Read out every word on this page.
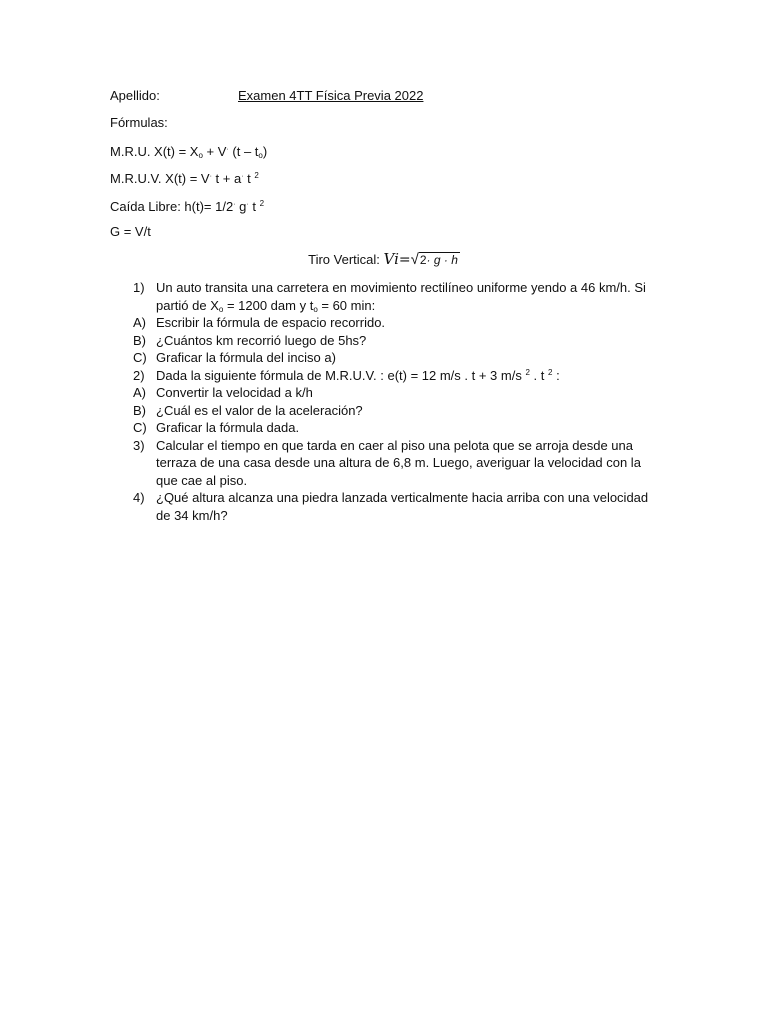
Apellido:	Examen 4TT Física Previa 2022
Fórmulas:
M.R.U. $X(t) = X_o + V^\cdot$ $(t - t_o)$
M.R.U.V. X(t) = V· t + a· t $^2$
Caída Libre: h(t)= 1/2· g· t $^2$
G = V/t
Tiro Vertical: Vi=√2· g · h
1) Un auto transita una carretera en movimiento rectilíneo uniforme yendo a 46 km/h. Si partió de $X_o = 1200$ dam y $t_o = 60$ min:
A) Escribir la fórmula de espacio recorrido.
B) ¿Cuántos km recorrió luego de 5hs?
C) Graficar la fórmula del inciso a)
2) Dada la siguiente fórmula de M.R.U.V. : e(t) = 12 m/s . t + 3 m/s $^2$ . t $^2$ :
A) Convertir la velocidad a k/h
B) ¿Cuál es el valor de la aceleración?
C) Graficar la fórmula dada.
3) Calcular el tiempo en que tarda en caer al piso una pelota que se arroja desde una terraza de una casa desde una altura de 6,8 m. Luego, averiguar la velocidad con la que cae al piso.
4) ¿Qué altura alcanza una piedra lanzada verticalmente hacia arriba con una velocidad de 34 km/h?
